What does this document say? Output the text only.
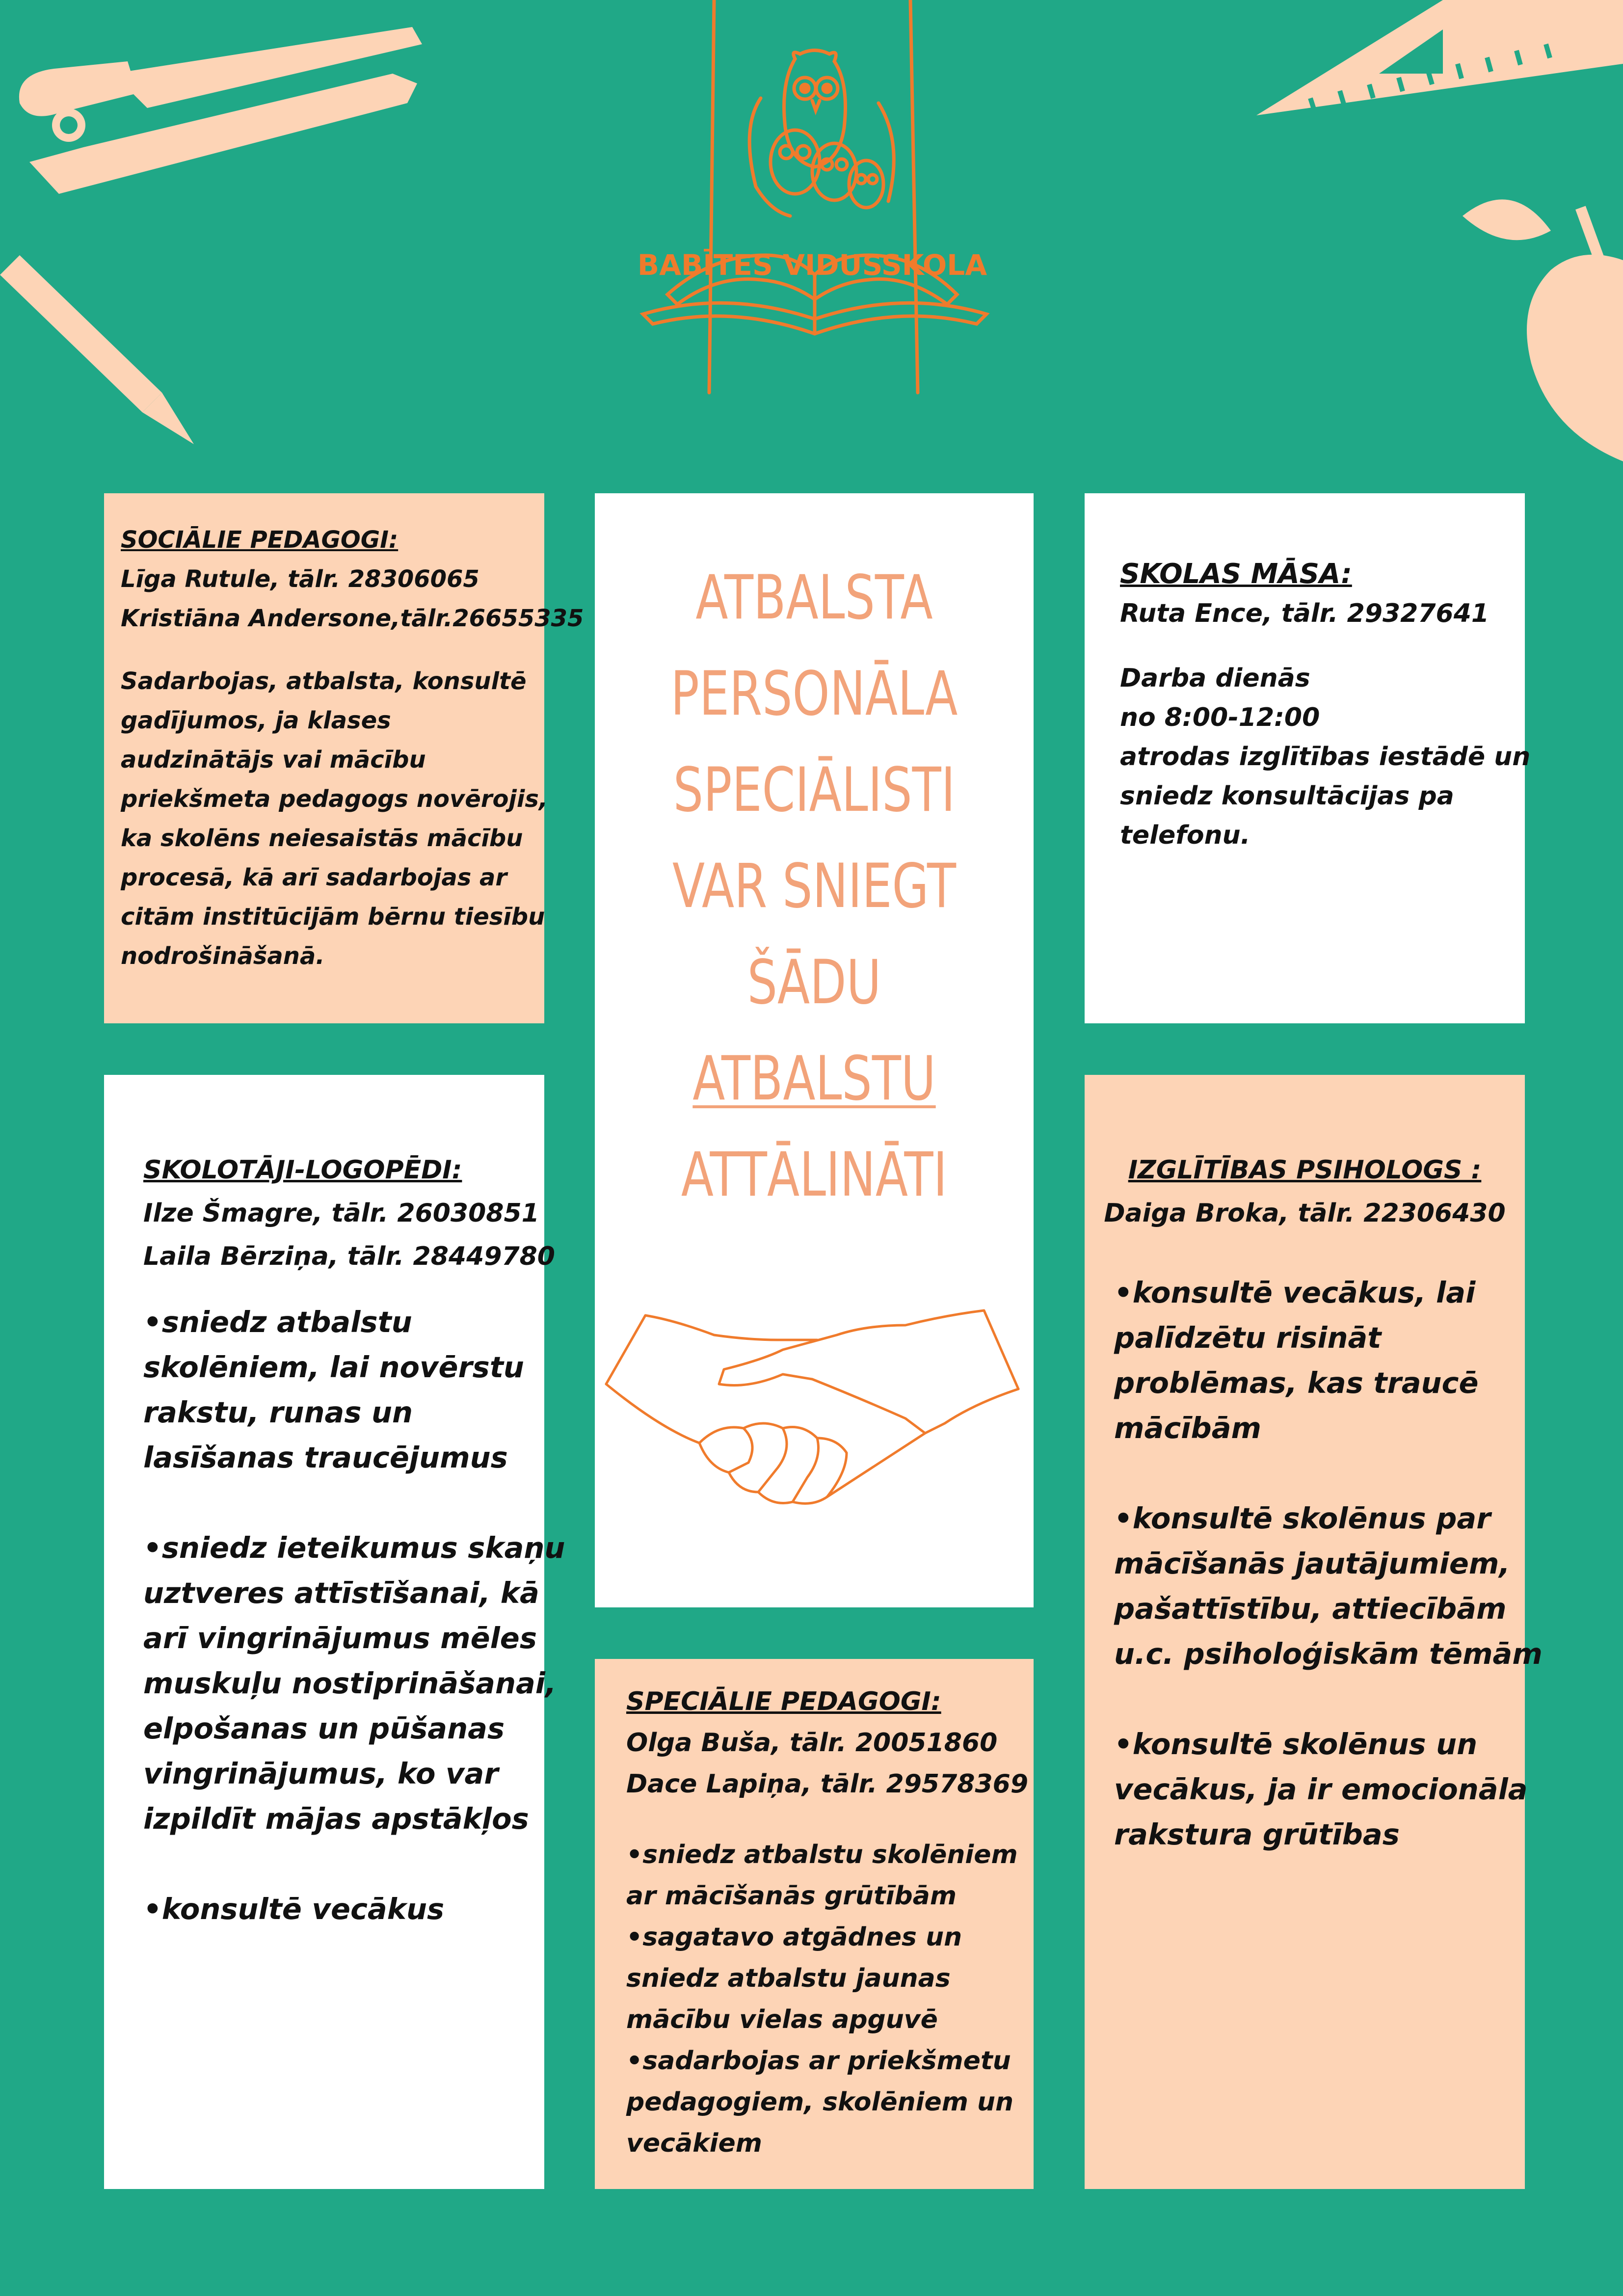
BABĪTES VIDUSSKOLA
SOCIĀLIE PEDAGOGI:
Līga Rutule, tālr. 28306065
Kristiāna Andersone,tālr.26655335
Sadarbojas, atbalsta, konsultē
gadījumos, ja klases
audzinātājs vai mācību
priekšmeta pedagogs novērojis,
ka skolēns neiesaistās mācību
procesā, kā arī sadarbojas ar
citām institūcijām bērnu tiesību
nodrošināšanā.
ATBALSTA
PERSONĀLA
SPECIĀLISTI
VAR SNIEGT
ŠĀDU
ATBALSTU
ATTĀLINĀTI
SKOLAS MĀSA:
Ruta Ence, tālr. 29327641
Darba dienās
no 8:00-12:00
atrodas izglītības iestādē un
sniedz konsultācijas pa
telefonu.
SKOLOTĀJI-LOGOPĒDI:
Ilze Šmagre, tālr. 26030851
Laila Bērziņa, tālr. 28449780
•sniedz atbalstu
skolēniem, lai novērstu
rakstu, runas un
lasīšanas traucējumus
•sniedz ieteikumus skaņu
uztveres attīstīšanai, kā
arī vingrinājumus mēles
muskuļu nostiprināšanai,
elpošanas un pūšanas
vingrinājumus, ko var
izpildīt mājas apstākļos
•konsultē vecākus
IZGLĪTĪBAS PSIHOLOGS :
Daiga Broka, tālr. 22306430
•konsultē vecākus, lai
palīdzētu risināt
problēmas, kas traucē
mācībām
•konsultē skolēnus par
mācīšanās jautājumiem,
pašattīstību, attiecībām
u.c. psiholoģiskām tēmām
•konsultē skolēnus un
vecākus, ja ir emocionāla
rakstura grūtības
SPECIĀLIE PEDAGOGI:
Olga Buša, tālr. 20051860
Dace Lapiņa, tālr. 29578369
•sniedz atbalstu skolēniem
ar mācīšanās grūtībām
•sagatavo atgādnes un
sniedz atbalstu jaunas
mācību vielas apguvē
•sadarbojas ar priekšmetu
pedagogiem, skolēniem un
vecākiem
